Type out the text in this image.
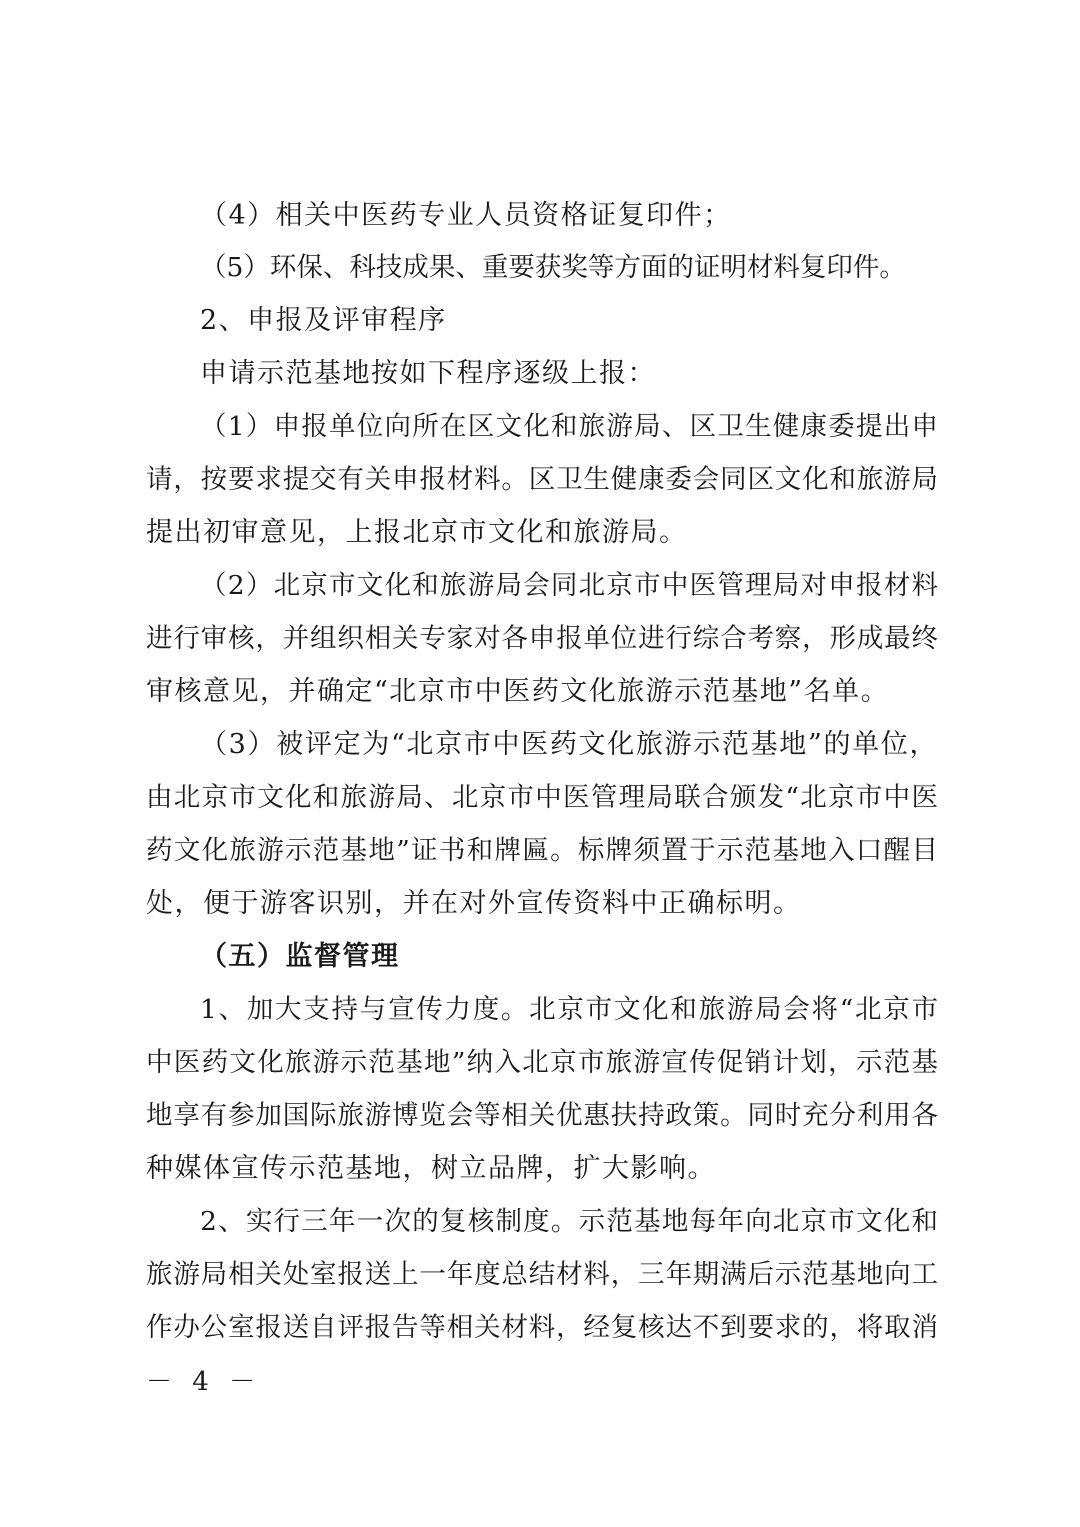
（4）相关中医药专业人员资格证复印件；
（5）环保、科技成果、重要获奖等方面的证明材料复印件。
2、申报及评审程序
申请示范基地按如下程序逐级上报：
（1）申报单位向所在区文化和旅游局、区卫生健康委提出申
请，按要求提交有关申报材料。区卫生健康委会同区文化和旅游局
提出初审意见，上报北京市文化和旅游局。
（2）北京市文化和旅游局会同北京市中医管理局对申报材料
进行审核，并组织相关专家对各申报单位进行综合考察，形成最终
审核意见，并确定“北京市中医药文化旅游示范基地”名单。
（3）被评定为“北京市中医药文化旅游示范基地”的单位，
由北京市文化和旅游局、北京市中医管理局联合颁发“北京市中医
药文化旅游示范基地”证书和牌匾。标牌须置于示范基地入口醒目
处，便于游客识别，并在对外宣传资料中正确标明。
（五）监督管理
1、加大支持与宣传力度。北京市文化和旅游局会将“北京市
中医药文化旅游示范基地”纳入北京市旅游宣传促销计划，示范基
地享有参加国际旅游博览会等相关优惠扶持政策。同时充分利用各
种媒体宣传示范基地，树立品牌，扩大影响。
2、实行三年一次的复核制度。示范基地每年向北京市文化和
旅游局相关处室报送上一年度总结材料，三年期满后示范基地向工
作办公室报送自评报告等相关材料，经复核达不到要求的，将取消
－ 4 －
